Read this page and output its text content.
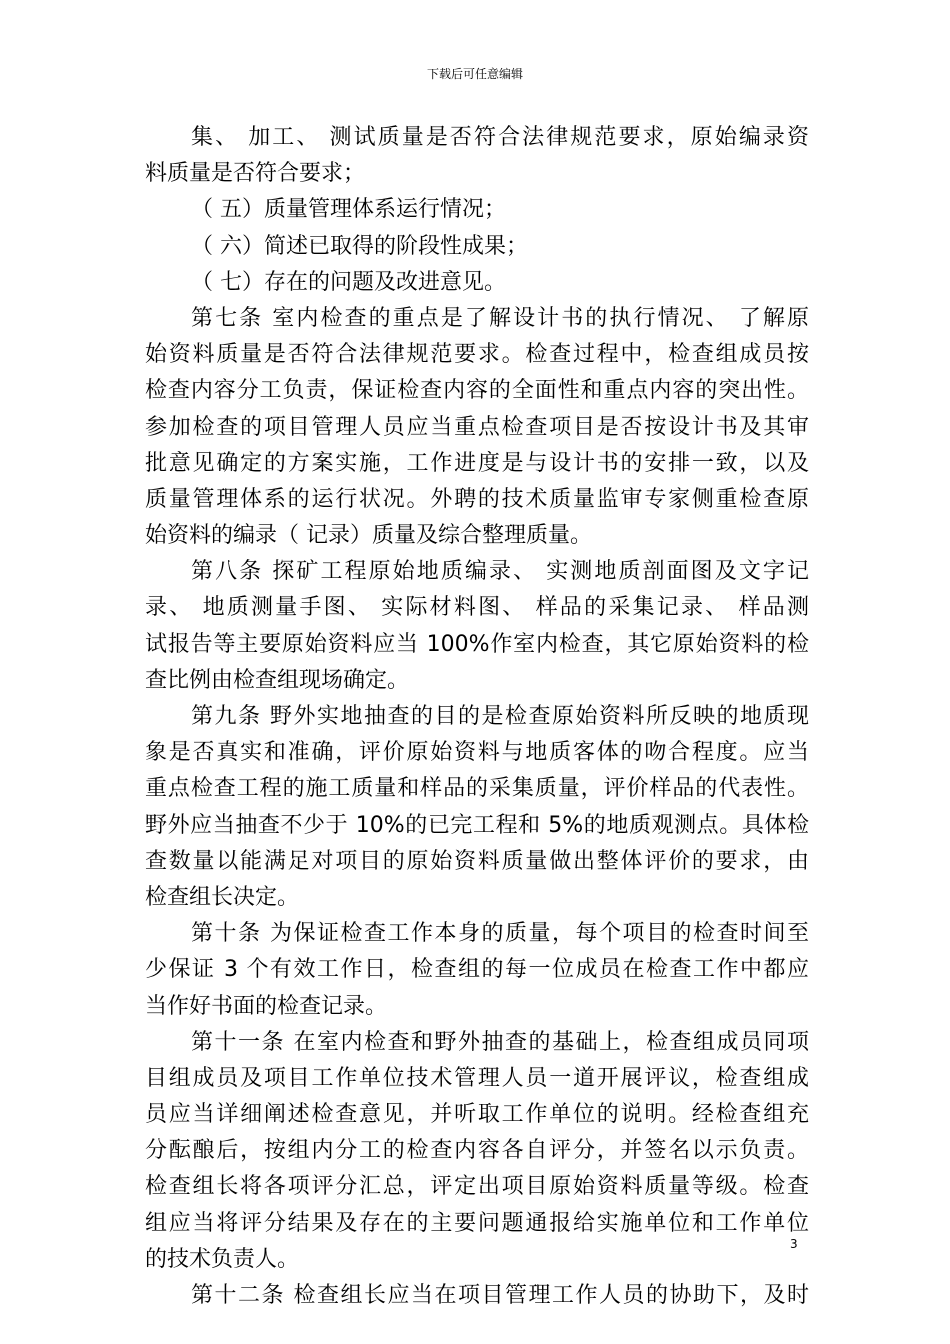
下载后可任意编辑
集、 加工、 测试质量是否符合法律规范要求，原始编录资
料质量是否符合要求；
（ 五）质量管理体系运行情况；
（ 六）简述已取得的阶段性成果；
（ 七）存在的问题及改进意见。
第七条 室内检查的重点是了解设计书的执行情况、 了解原
始资料质量是否符合法律规范要求。检查过程中，检查组成员按
检查内容分工负责，保证检查内容的全面性和重点内容的突出性。
参加检查的项目管理人员应当重点检查项目是否按设计书及其审
批意见确定的方案实施，工作进度是与设计书的安排一致，以及
质量管理体系的运行状况。外聘的技术质量监审专家侧重检查原
始资料的编录（ 记录）质量及综合整理质量。
第八条 探矿工程原始地质编录、 实测地质剖面图及文字记
录、 地质测量手图、 实际材料图、 样品的采集记录、 样品测
试报告等主要原始资料应当 100%作室内检查，其它原始资料的检
查比例由检查组现场确定。
第九条 野外实地抽查的目的是检查原始资料所反映的地质现
象是否真实和准确，评价原始资料与地质客体的吻合程度。应当
重点检查工程的施工质量和样品的采集质量，评价样品的代表性。
野外应当抽查不少于 10%的已完工程和 5%的地质观测点。具体检
查数量以能满足对项目的原始资料质量做出整体评价的要求，由
检查组长决定。
第十条 为保证检查工作本身的质量，每个项目的检查时间至
少保证 3 个有效工作日，检查组的每一位成员在检查工作中都应
当作好书面的检查记录。
第十一条 在室内检查和野外抽查的基础上，检查组成员同项
目组成员及项目工作单位技术管理人员一道开展评议，检查组成
员应当详细阐述检查意见，并听取工作单位的说明。经检查组充
分酝酿后，按组内分工的检查内容各自评分，并签名以示负责。
检查组长将各项评分汇总，评定出项目原始资料质量等级。检查
组应当将评分结果及存在的主要问题通报给实施单位和工作单位
的技术负责人。
第十二条 检查组长应当在项目管理工作人员的协助下，及时
3
